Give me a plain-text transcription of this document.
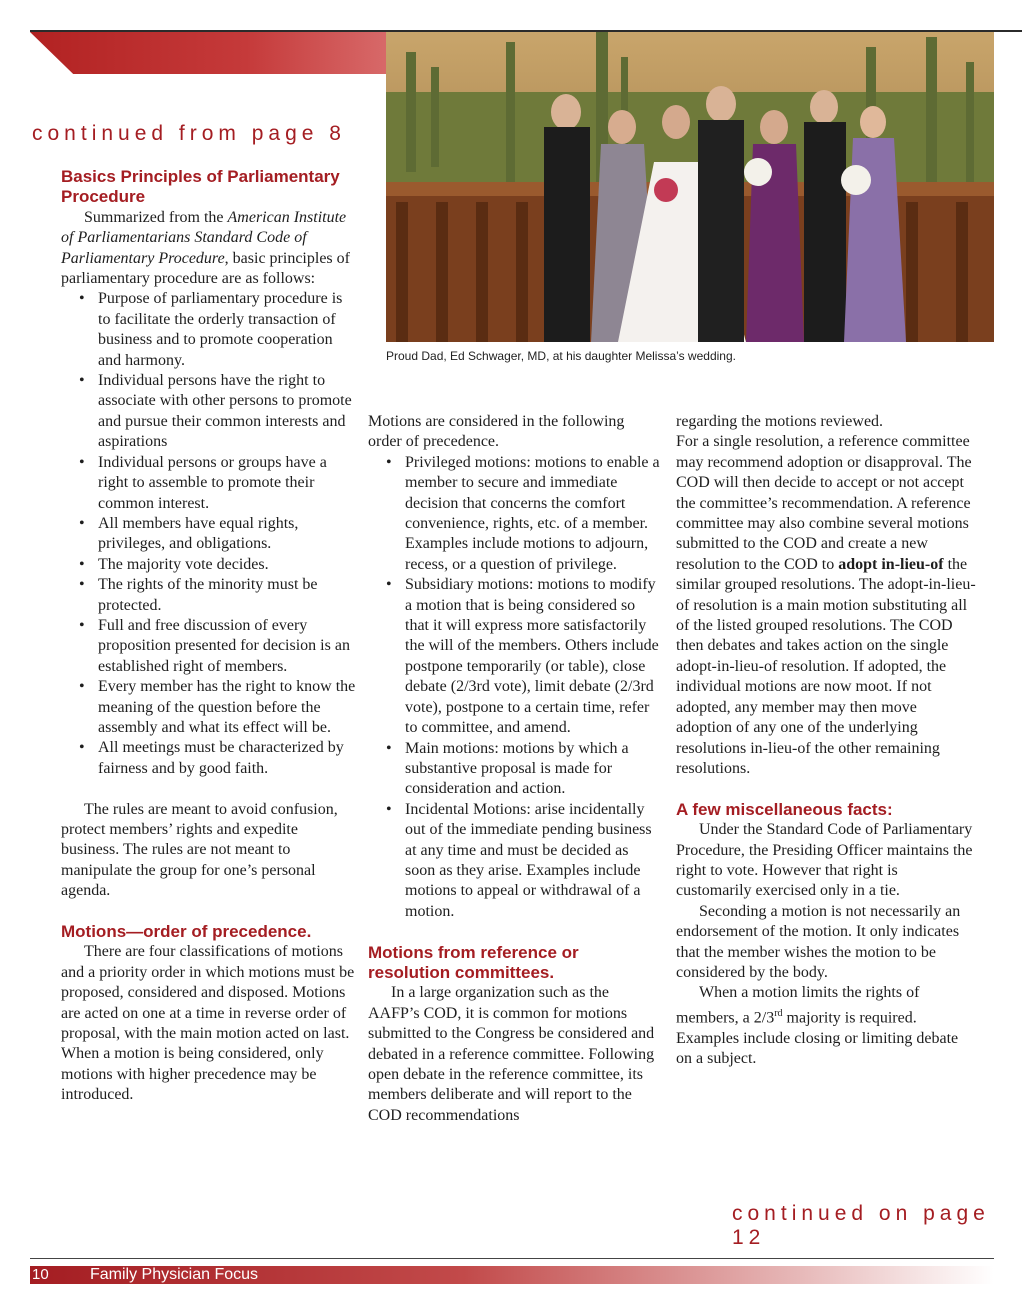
Proud Dad, Ed Schwager, MD, at his daughter Melissa’s wedding.
continued from page 8
Basics Principles of Parliamentary Procedure

Summarized from the American Institute of Parliamentarians Standard Code of Parliamentary Procedure, basic principles of parliamentary procedure are as follows:

• Purpose of parliamentary procedure is to facilitate the orderly transaction of business and to promote cooperation and harmony.
• Individual persons have the right to associate with other persons to promote and pursue their common interests and aspirations
• Individual persons or groups have a right to assemble to promote their common interest.
• All members have equal rights, privileges, and obligations.
• The majority vote decides.
• The rights of the minority must be protected.
• Full and free discussion of every proposition presented for decision is an established right of members.
• Every member has the right to know the meaning of the question before the assembly and what its effect will be.
• All meetings must be characterized by fairness and by good faith.

The rules are meant to avoid confusion, protect members’ rights and expedite business. The rules are not meant to manipulate the group for one’s personal agenda.

Motions—order of precedence.

There are four classifications of motions and a priority order in which motions must be proposed, considered and disposed. Motions are acted on one at a time in reverse order of proposal, with the main motion acted on last. When a motion is being considered, only motions with higher precedence may be introduced.

Motions are considered in the following order of precedence.

• Privileged motions: motions to enable a member to secure and immediate decision that concerns the comfort convenience, rights, etc. of a member. Examples include motions to adjourn, recess, or a question of privilege.
• Subsidiary motions: motions to modify a motion that is being considered so that it will express more satisfactorily the will of the members. Others include postpone temporarily (or table), close debate (2/3rd vote), limit debate (2/3rd vote), postpone to a certain time, refer to committee, and amend.
• Main motions: motions by which a substantive proposal is made for consideration and action.
• Incidental Motions: arise incidentally out of the immediate pending business at any time and must be decided as soon as they arise. Examples include motions to appeal or withdrawal of a motion.
Motions from reference or resolution committees.

In a large organization such as the AAFP’s COD, it is common for motions submitted to the Congress be considered and debated in a reference committee. Following open debate in the reference committee, its members deliberate and will report to the COD recommendations

regarding the motions reviewed.

For a single resolution, a reference committee may recommend adoption or disapproval. The COD will then decide to accept or not accept the committee’s recommendation. A reference committee may also combine several motions submitted to the COD and create a new resolution to the COD to adopt in-lieu-of the similar grouped resolutions. The adopt-in-lieu-of resolution is a main motion substituting all of the listed grouped resolutions. The COD then debates and takes action on the single adopt-in-lieu-of resolution. If adopted, the individual motions are now moot. If not adopted, any member may then move adoption of any one of the underlying resolutions in-lieu-of the other remaining resolutions.

A few miscellaneous facts:

Under the Standard Code of Parliamentary Procedure, the Presiding Officer maintains the right to vote. However that right is customarily exercised only in a tie.

Seconding a motion is not necessarily an endorsement of the motion. It only indicates that the member wishes the motion to be considered by the body.

When a motion limits the rights of members, a 2/3rd majority is required. Examples include closing or limiting debate on a subject.

continued on page 12
10	Family Physician Focus
